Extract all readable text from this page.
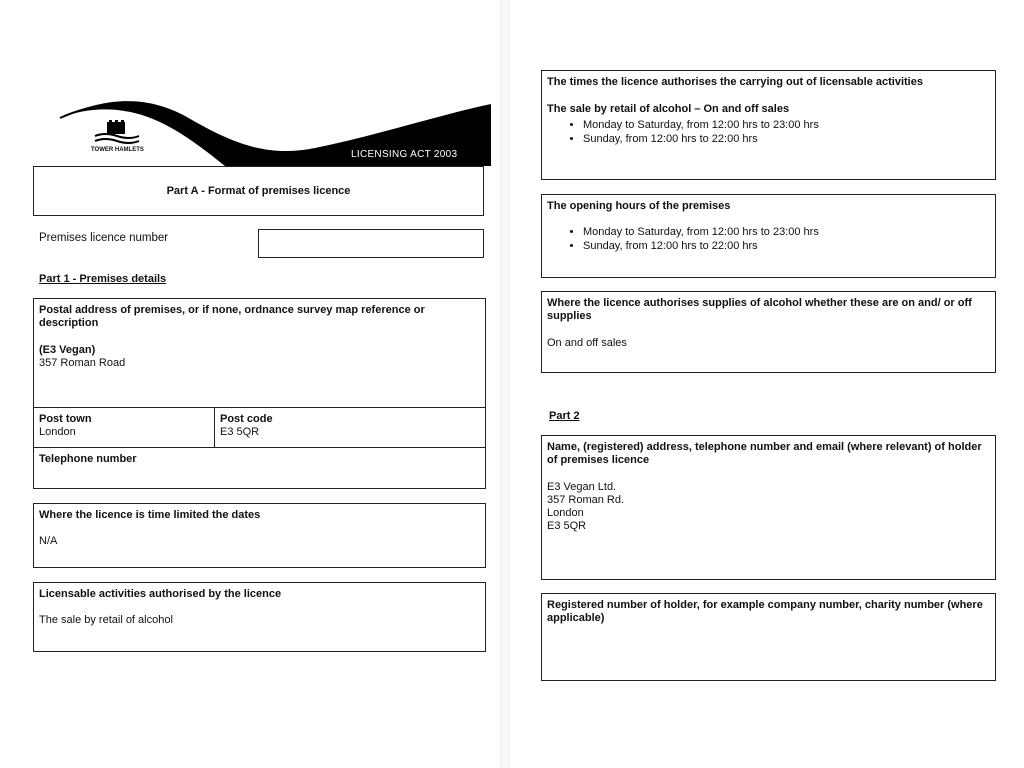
TOWER HAMLETS	LICENSING ACT 2003
Part A - Format of premises licence
Premises licence number
Part 1 - Premises details
Postal address of premises, or if none, ordnance survey map reference or description
(E3 Vegan)
357 Roman Road
Post town
London
Post code
E3 5QR
Telephone number
Where the licence is time limited the dates
N/A
Licensable activities authorised by the licence
The sale by retail of alcohol
The times the licence authorises the carrying out of licensable activities
The sale by retail of alcohol – On and off sales
• Monday to Saturday, from 12:00 hrs to 23:00 hrs
• Sunday, from 12:00 hrs to 22:00 hrs
The opening hours of the premises
• Monday to Saturday, from 12:00 hrs to 23:00 hrs
• Sunday, from 12:00 hrs to 22:00 hrs
Where the licence authorises supplies of alcohol whether these are on and/ or off supplies
On and off sales
Part 2
Name, (registered) address, telephone number and email (where relevant) of holder of premises licence
E3 Vegan Ltd.
357 Roman Rd.
London
E3 5QR
Registered number of holder, for example company number, charity number (where applicable)
